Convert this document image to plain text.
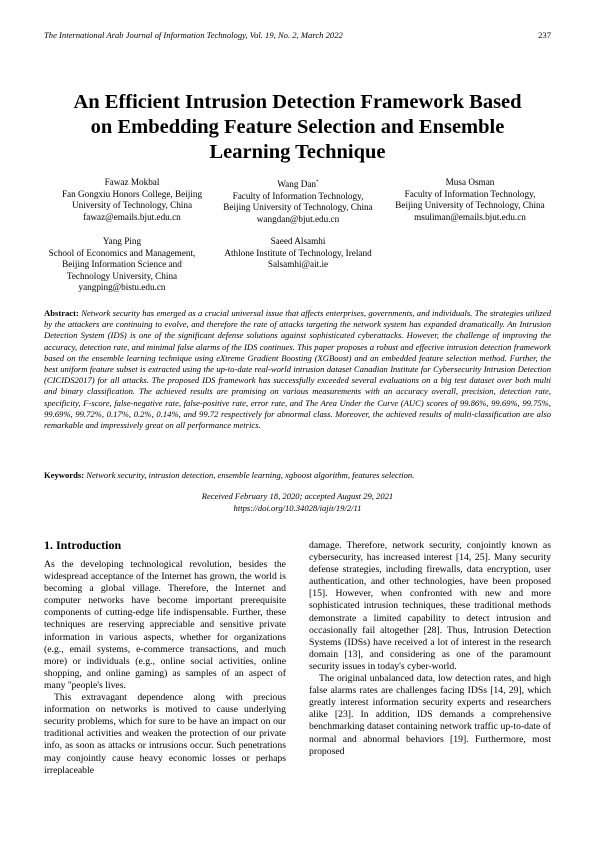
The International Arab Journal of Information Technology, Vol. 19, No. 2, March 2022	237
An Efficient Intrusion Detection Framework Based
on Embedding Feature Selection and Ensemble
Learning Technique
Fawaz Mokbal
Fan Gongxiu Honors College, Beijing
University of Technology, China
fawaz@emails.bjut.edu.cn
Wang Dan*
Faculty of Information Technology,
Beijing University of Technology, China
wangdan@bjut.edu.cn
Musa Osman
Faculty of Information Technology,
Beijing University of Technology, China
msuliman@emails.bjut.edu.cn
Yang Ping
School of Economics and Management,
Beijing Information Science and
Technology University, China
yangping@bistu.edu.cn
Saeed Alsamhi
Athlone Institute of Technology, Ireland
Salsamhi@ait.ie
Abstract: Network security has emerged as a crucial universal issue that affects enterprises, governments, and individuals. The strategies utilized by the attackers are continuing to evolve, and therefore the rate of attacks targeting the network system has expanded dramatically. An Intrusion Detection System (IDS) is one of the significant defense solutions against sophisticated cyberattacks. However, the challenge of improving the accuracy, detection rate, and minimal false alarms of the IDS continues. This paper proposes a robust and effective intrusion detection framework based on the ensemble learning technique using eXtreme Gradient Boosting (XGBoost) and an embedded feature selection method. Further, the best uniform feature subset is extracted using the up-to-date real-world intrusion dataset Canadian Institute for Cybersecurity Intrusion Detection (CICIDS2017) for all attacks. The proposed IDS framework has successfully exceeded several evaluations on a big test dataset over both multi and binary classification. The achieved results are promising on various measurements with an accuracy overall, precision, detection rate, specificity, F-score, false-negative rate, false-positive rate, error rate, and The Area Under the Curve (AUC) scores of 99.86%, 99.69%, 99.75%, 99.69%, 99.72%, 0.17%, 0.2%, 0.14%, and 99.72 respectively for abnormal class. Moreover, the achieved results of multi-classification are also remarkable and impressively great on all performance metrics.
Keywords: Network security, intrusion detection, ensemble learning, xgboost algorithm, features selection.
Received February 18, 2020; accepted August 29, 2021
https://doi.org/10.34028/iajit/19/2/11
1. Introduction

As the developing technological revolution, besides the widespread acceptance of the Internet has grown, the world is becoming a global village. Therefore, the Internet and computer networks have become important prerequisite components of cutting-edge life indispensable. Further, these techniques are reserving appreciable and sensitive private information in various aspects, whether for organizations (e.g., email systems, e-commerce transactions, and much more) or individuals (e.g., online social activities, online shopping, and online gaming) as samples of an aspect of many ''people's lives.

This extravagant dependence along with precious information on networks is motived to cause underlying security problems, which for sure to be have an impact on our traditional activities and weaken the protection of our private info, as soon as attacks or intrusions occur. Such penetrations may conjointly cause heavy economic losses or perhaps irreplaceable

damage. Therefore, network security, conjointly known as cybersecurity, has increased interest [14, 25]. Many security defense strategies, including firewalls, data encryption, user authentication, and other technologies, have been proposed [15]. However, when confronted with new and more sophisticated intrusion techniques, these traditional methods demonstrate a limited capability to detect intrusion and occasionally fail altogether [28]. Thus, Intrusion Detection Systems (IDSs) have received a lot of interest in the research domain [13], and considering as one of the paramount security issues in today's cyber-world.

The original unbalanced data, low detection rates, and high false alarms rates are challenges facing IDSs [14, 29], which greatly interest information security experts and researchers alike [23]. In addition, IDS demands a comprehensive benchmarking dataset containing network traffic up-to-date of normal and abnormal behaviors [19]. Furthermore, most proposed
